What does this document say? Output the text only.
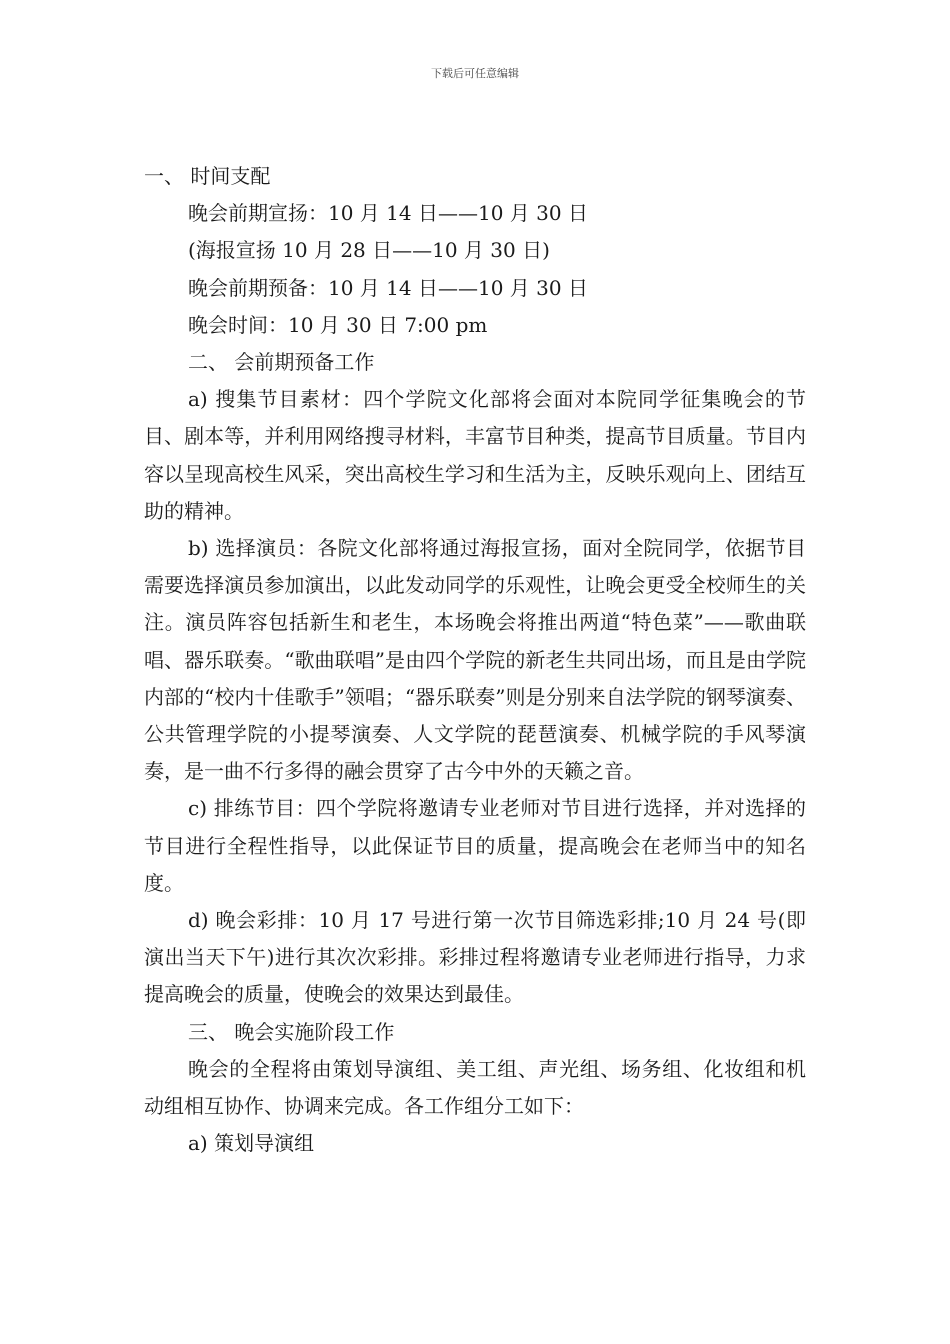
下载后可任意编辑
一、 时间支配
晚会前期宣扬：10 月 14 日——10 月 30 日
(海报宣扬 10 月 28 日——10 月 30 日)
晚会前期预备：10 月 14 日——10 月 30 日
晚会时间：10 月 30 日 7:00 pm
二、 会前期预备工作
a) 搜集节目素材：四个学院文化部将会面对本院同学征集晚会的节目、剧本等，并利用网络搜寻材料，丰富节目种类，提高节目质量。节目内容以呈现高校生风采，突出高校生学习和生活为主，反映乐观向上、团结互助的精神。
b) 选择演员：各院文化部将通过海报宣扬，面对全院同学，依据节目需要选择演员参加演出，以此发动同学的乐观性，让晚会更受全校师生的关注。演员阵容包括新生和老生，本场晚会将推出两道“特色菜”——歌曲联唱、器乐联奏。“歌曲联唱”是由四个学院的新老生共同出场，而且是由学院内部的“校内十佳歌手”领唱；“器乐联奏”则是分别来自法学院的钢琴演奏、公共管理学院的小提琴演奏、人文学院的琵琶演奏、机械学院的手风琴演奏，是一曲不行多得的融会贯穿了古今中外的天籁之音。
c) 排练节目：四个学院将邀请专业老师对节目进行选择，并对选择的节目进行全程性指导，以此保证节目的质量，提高晚会在老师当中的知名度。
d) 晚会彩排：10 月 17 号进行第一次节目筛选彩排;10 月 24 号(即演出当天下午)进行其次次彩排。彩排过程将邀请专业老师进行指导，力求提高晚会的质量，使晚会的效果达到最佳。
三、 晚会实施阶段工作
晚会的全程将由策划导演组、美工组、声光组、场务组、化妆组和机动组相互协作、协调来完成。各工作组分工如下：
a) 策划导演组
